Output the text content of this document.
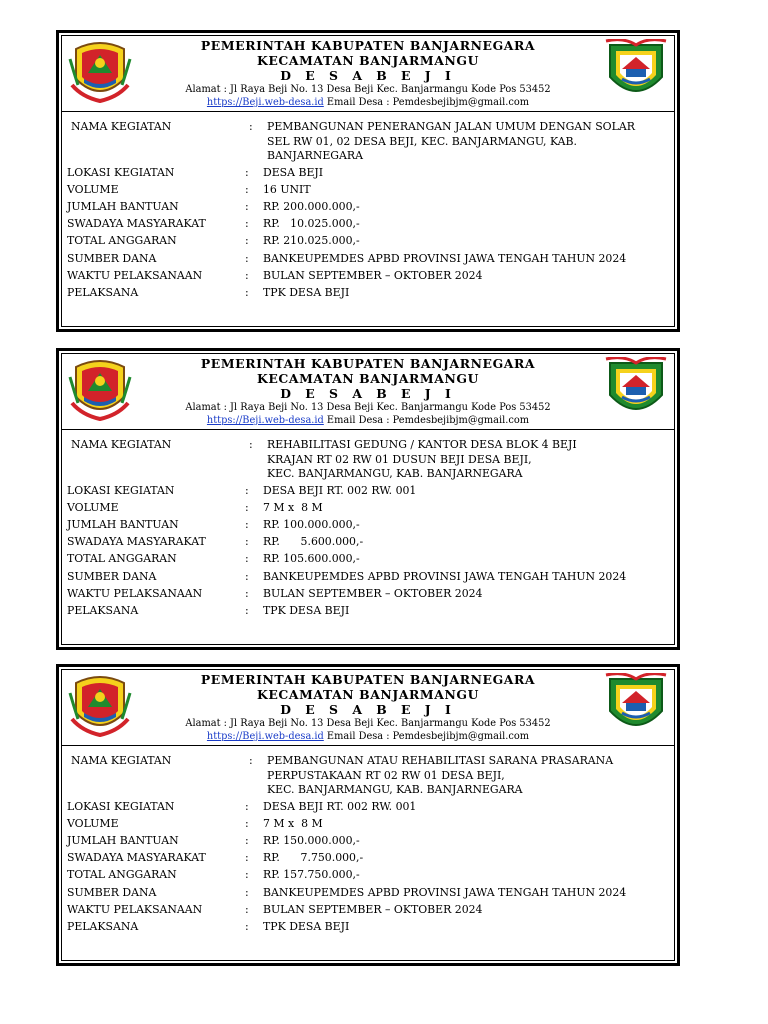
PEMERINTAH KABUPATEN BANJARNEGARA
KECAMATAN BANJARMANGU
D E S A B E J I
Alamat : Jl Raya Beji No. 13 Desa Beji Kec. Banjarmangu Kode Pos 53452
https://Beji.web-desa.id Email Desa : Pemdesbejibjm@gmail.com
NAMA KEGIATAN	:	PEMBANGUNAN PENERANGAN JALAN UMUM DENGAN SOLAR
SEL RW 01, 02 DESA BEJI, KEC. BANJARMANGU, KAB.
BANJARNEGARA
LOKASI KEGIATAN	:	DESA BEJI
VOLUME	:	16 UNIT
JUMLAH BANTUAN	:	RP. 200.000.000,-
SWADAYA MASYARAKAT	:	RP.   10.025.000,-
TOTAL ANGGARAN	:	RP. 210.025.000,-
SUMBER DANA	:	BANKEUPEMDES APBD PROVINSI JAWA TENGAH TAHUN 2024
WAKTU PELAKSANAAN	:	BULAN SEPTEMBER – OKTOBER 2024
PELAKSANA	:	TPK DESA BEJI
PEMERINTAH KABUPATEN BANJARNEGARA
KECAMATAN BANJARMANGU
D E S A B E J I
Alamat : Jl Raya Beji No. 13 Desa Beji Kec. Banjarmangu Kode Pos 53452
https://Beji.web-desa.id Email Desa : Pemdesbejibjm@gmail.com
NAMA KEGIATAN	:	REHABILITASI GEDUNG / KANTOR DESA BLOK 4 BEJI
KRAJAN RT 02 RW 01 DUSUN BEJI DESA BEJI,
KEC. BANJARMANGU, KAB. BANJARNEGARA
LOKASI KEGIATAN	:	DESA BEJI RT. 002 RW. 001
VOLUME	:	7 M x  8 M
JUMLAH BANTUAN	:	RP. 100.000.000,-
SWADAYA MASYARAKAT	:	RP.      5.600.000,-
TOTAL ANGGARAN	:	RP. 105.600.000,-
SUMBER DANA	:	BANKEUPEMDES APBD PROVINSI JAWA TENGAH TAHUN 2024
WAKTU PELAKSANAAN	:	BULAN SEPTEMBER – OKTOBER 2024
PELAKSANA	:	TPK DESA BEJI
PEMERINTAH KABUPATEN BANJARNEGARA
KECAMATAN BANJARMANGU
D E S A B E J I
Alamat : Jl Raya Beji No. 13 Desa Beji Kec. Banjarmangu Kode Pos 53452
https://Beji.web-desa.id Email Desa : Pemdesbejibjm@gmail.com
NAMA KEGIATAN	:	PEMBANGUNAN ATAU REHABILITASI SARANA PRASARANA
PERPUSTAKAAN RT 02 RW 01 DESA BEJI,
KEC. BANJARMANGU, KAB. BANJARNEGARA
LOKASI KEGIATAN	:	DESA BEJI RT. 002 RW. 001
VOLUME	:	7 M x  8 M
JUMLAH BANTUAN	:	RP. 150.000.000,-
SWADAYA MASYARAKAT	:	RP.      7.750.000,-
TOTAL ANGGARAN	:	RP. 157.750.000,-
SUMBER DANA	:	BANKEUPEMDES APBD PROVINSI JAWA TENGAH TAHUN 2024
WAKTU PELAKSANAAN	:	BULAN SEPTEMBER – OKTOBER 2024
PELAKSANA	:	TPK DESA BEJI
